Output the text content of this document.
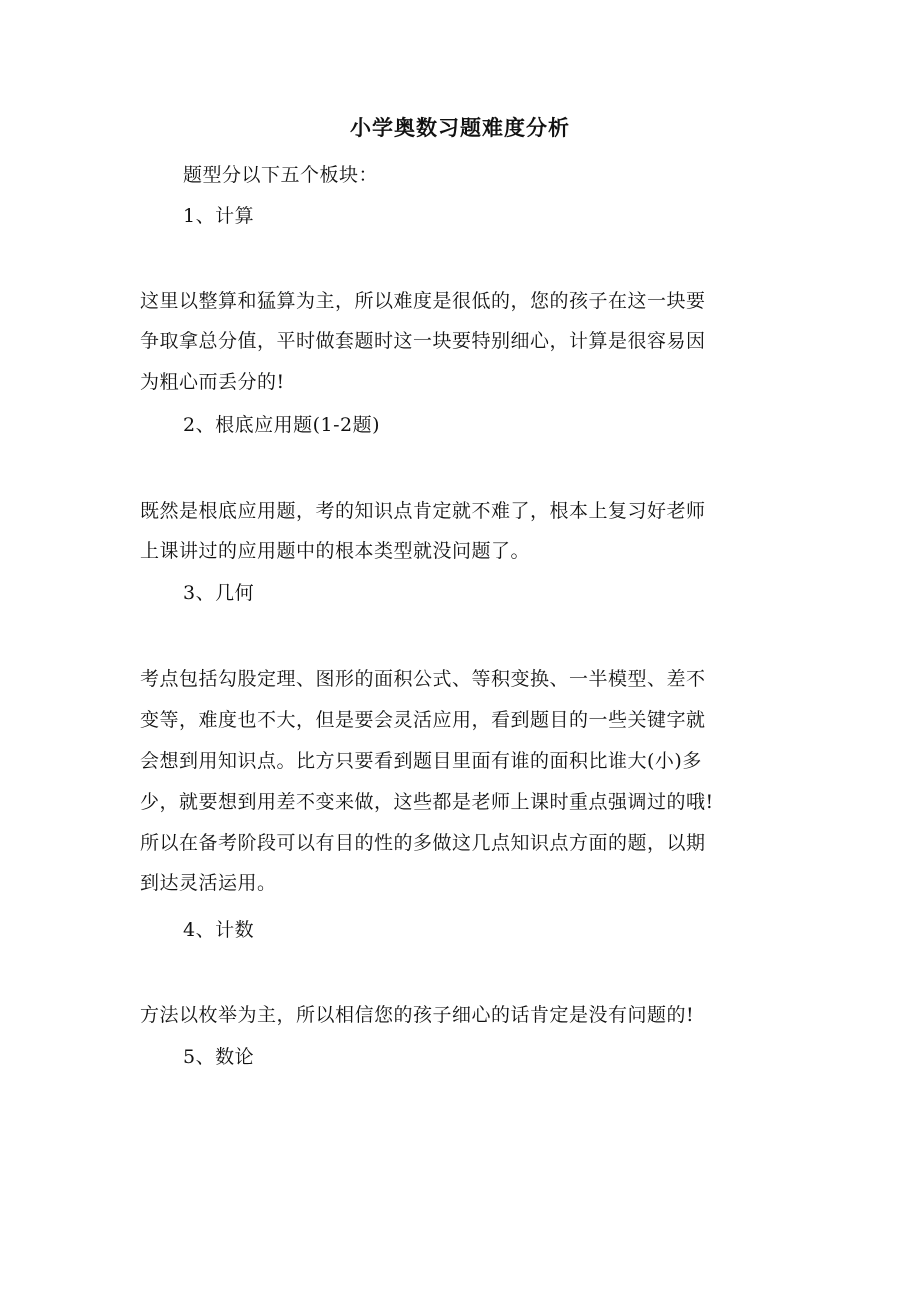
小学奥数习题难度分析
题型分以下五个板块：
1、计算
这里以整算和猛算为主，所以难度是很低的，您的孩子在这一块要
争取拿总分值，平时做套题时这一块要特别细心，计算是很容易因
为粗心而丢分的!
2、根底应用题(1-2题)
既然是根底应用题，考的知识点肯定就不难了，根本上复习好老师
上课讲过的应用题中的根本类型就没问题了。
3、几何
考点包括勾股定理、图形的面积公式、等积变换、一半模型、差不
变等，难度也不大，但是要会灵活应用，看到题目的一些关键字就
会想到用知识点。比方只要看到题目里面有谁的面积比谁大(小)多
少，就要想到用差不变来做，这些都是老师上课时重点强调过的哦!
所以在备考阶段可以有目的性的多做这几点知识点方面的题，以期
到达灵活运用。
4、计数
方法以枚举为主，所以相信您的孩子细心的话肯定是没有问题的!
5、数论
